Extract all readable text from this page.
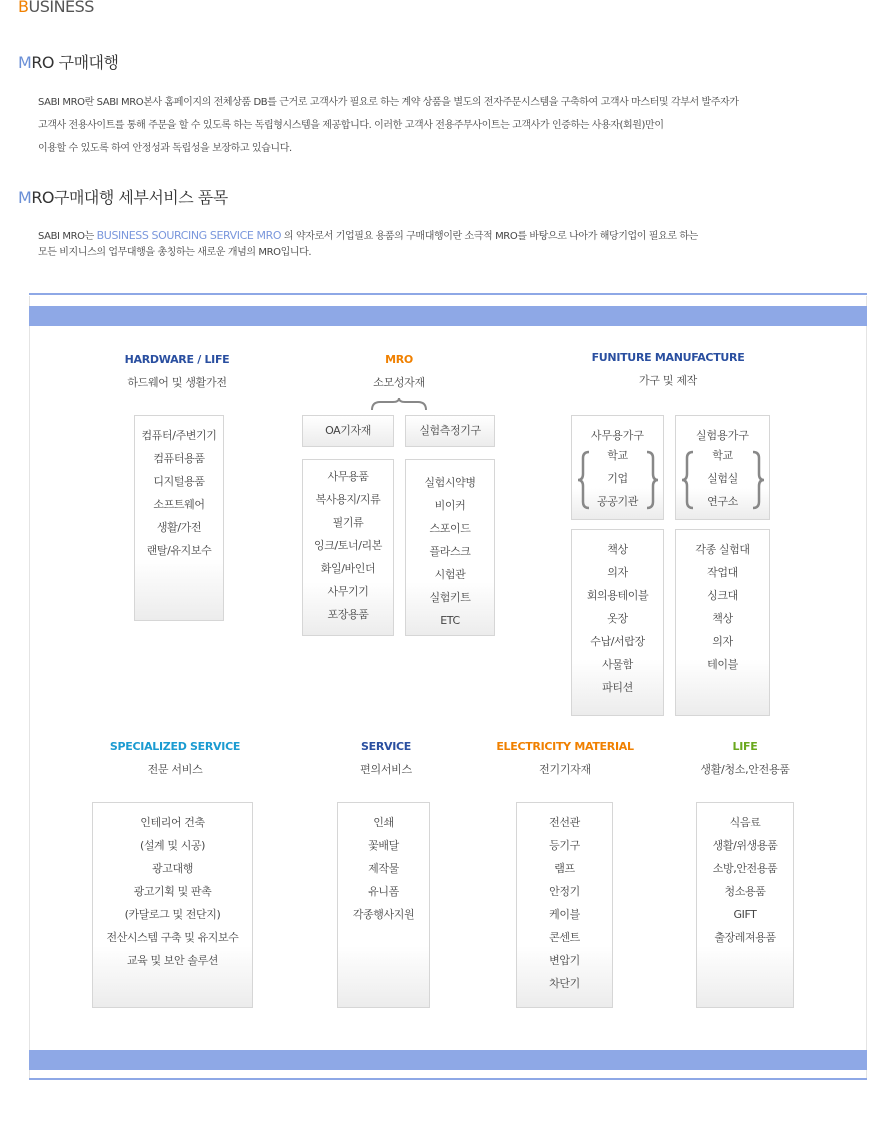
BUSINESS
MRO 구매대행
SABI MRO란 SABI MRO본사 홈페이지의 전체상품 DB를 근거로 고객사가 필요로 하는 계약 상품을 별도의 전자주문시스템을 구축하여 고객사 마스터및 각부서 발주자가
고객사 전용사이트를 통해 주문을 할 수 있도록 하는 독립형시스템을 제공합니다. 이러한 고객사 전용주무사이트는 고객사가 인증하는 사용자(회원)만이
이용할 수 있도록 하여 안정성과 독립성을 보장하고 있습니다.
MRO구매대행 세부서비스 품목
SABI MRO는 BUSINESS SOURCING SERVICE MRO 의 약자로서 기업필요 용품의 구매대행이란 소극적 MRO를 바탕으로 나아가 해당기업이 필요로 하는
모든 비지니스의 업무대행을 총칭하는 새로운 개념의 MRO입니다.
HARDWARE / LIFE
하드웨어 및 생활가전
컴퓨터/주변기기
컴퓨터용품
디지털용품
소프트웨어
생활/가전
랜탈/유지보수
MRO
소모성자재
OA기자재	실험측정기구
사무용품
복사용지/지류
필기류
잉크/토너/리본
화일/바인더
사무기기
포장용품
실험시약병
비이커
스포이드
플라스크
시험관
실험키트
ETC
FUNITURE MANUFACTURE
가구 및 제작
사무용가구
학교
기업
공공기관
실험용가구
학교
실험실
연구소
책상
의자
회의용테이블
옷장
수납/서랍장
사물함
파티션
각종 실험대
작업대
싱크대
책상
의자
테이블
SPECIALIZED SERVICE
전문 서비스
인테리어 건축
(설계 및 시공)
광고대행
광고기획 및 판촉
(카달로그 및 전단지)
전산시스템 구축 및 유지보수
교육 및 보안 솔루션
SERVICE
편의서비스
인쇄
꽃배달
제작물
유니폼
각종행사지원
ELECTRICITY MATERIAL
전기기자재
전선관
등기구
램프
안정기
케이블
콘센트
변압기
차단기
LIFE
생활/청소,안전용품
식음료
생활/위생용품
소방,안전용품
청소용품
GIFT
출장레져용품
